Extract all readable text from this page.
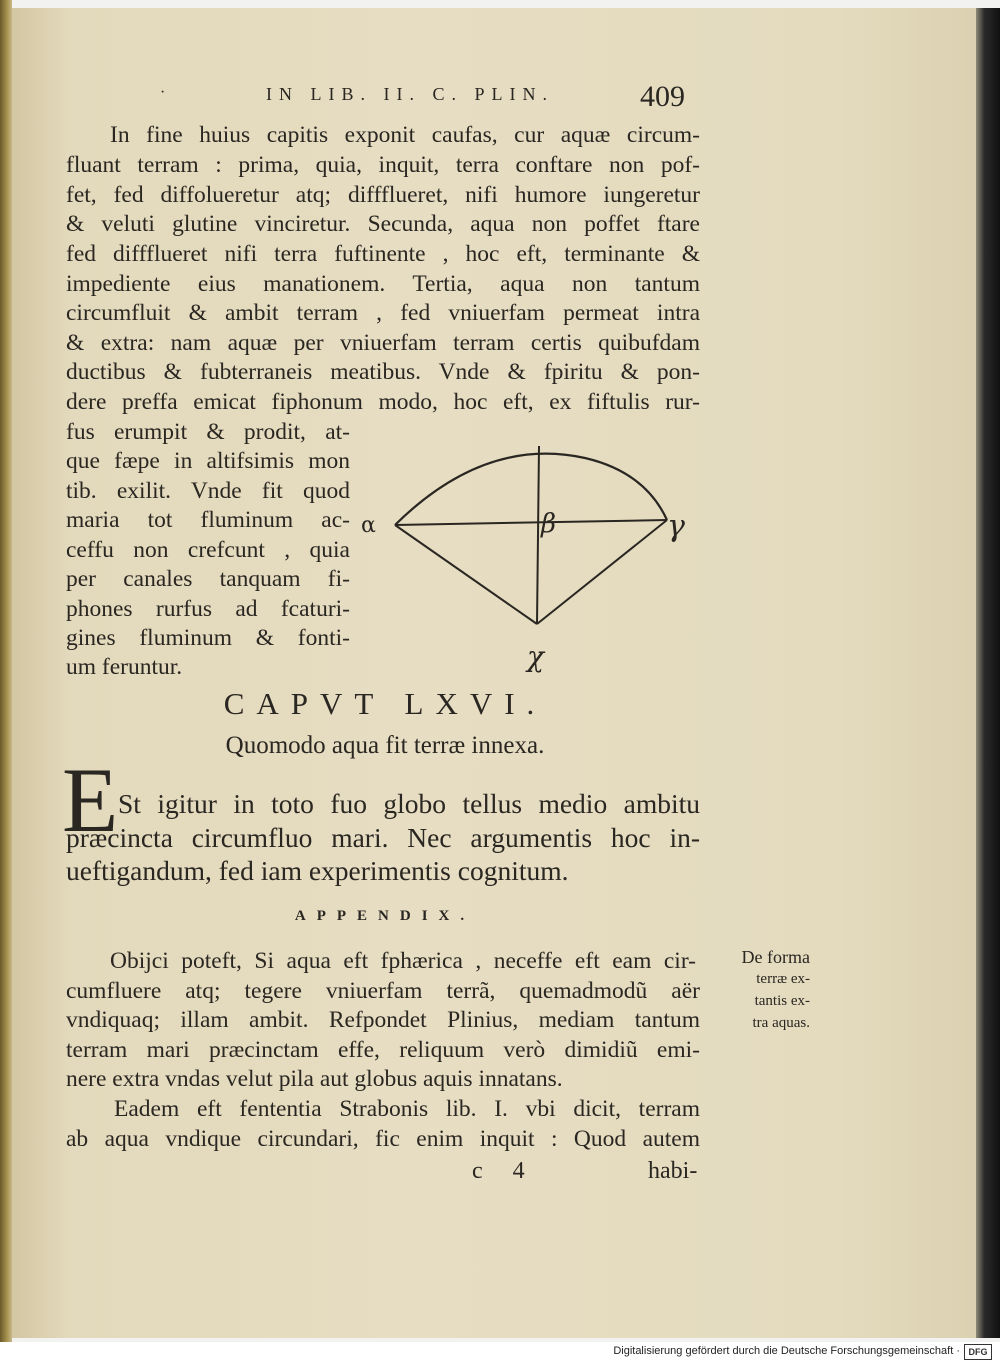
·	IN LIB. II. C. PLIN.	409
In fine huius capitis exponit caufas, cur aquæ circum-
fluant terram : prima, quia, inquit, terra conftare non pof-
fet, fed diffolueretur atq; diffflueret, nifi humore iungeretur
& veluti glutine vinciretur. Secunda, aqua non poffet ftare
fed diffflueret nifi terra fuftinente , hoc eft, terminante &
impediente eius manationem. Tertia, aqua non tantum
circumfluit & ambit terram , fed vniuerfam permeat intra
& extra: nam aquæ per vniuerfam terram certis quibufdam
ductibus & fubterraneis meatibus. Vnde & fpiritu & pon-
dere preffa emicat fiphonum modo, hoc eft, ex fiftulis rur-
fus erumpit & prodit, at-
que fæpe in altifsimis mon
tib. exilit. Vnde fit quod
maria tot fluminum ac-
ceffu non crefcunt , quia
per canales tanquam fi-
phones rurfus ad fcaturi-
gines fluminum & fonti-
um feruntur.
α	β	γ
χ
CAPVT LXVI.
Quomodo aqua fit terræ innexa.
E St igitur in toto fuo globo tellus medio ambitu
præcincta circumfluo mari. Nec argumentis hoc in-
ueftigandum, fed iam experimentis cognitum.
APPENDIX.
Obijci poteft, Si aqua eft fphærica , neceffe eft eam cir-
cumfluere atq; tegere vniuerfam terrã, quemadmodũ aër
vndiquaq; illam ambit. Refpondet Plinius, mediam tantum
terram mari præcinctam effe, reliquum verò dimidiũ emi-
nere extra vndas velut pila aut globus aquis innatans.
Eadem eft fententia Strabonis lib. I. vbi dicit, terram
ab aqua vndique circundari, fic enim inquit : Quod autem
De forma
terræ ex-
tantis ex-
tra aquas.
c 4	habi-
Digitalisierung gefördert durch die Deutsche Forschungsgemeinschaft · DFG
